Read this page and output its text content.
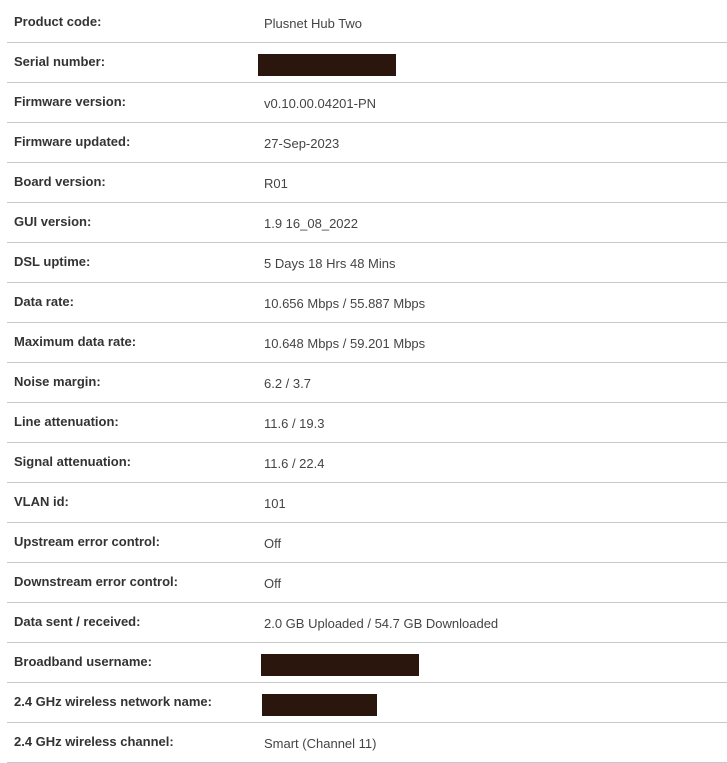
Product code:	Plusnet Hub Two
Serial number:
Firmware version:	v0.10.00.04201-PN
Firmware updated:	27-Sep-2023
Board version:	R01
GUI version:	1.9 16_08_2022
DSL uptime:	5 Days 18 Hrs 48 Mins
Data rate:	10.656 Mbps / 55.887 Mbps
Maximum data rate:	10.648 Mbps / 59.201 Mbps
Noise margin:	6.2 / 3.7
Line attenuation:	11.6 / 19.3
Signal attenuation:	11.6 / 22.4
VLAN id:	101
Upstream error control:	Off
Downstream error control:	Off
Data sent / received:	2.0 GB Uploaded / 54.7 GB Downloaded
Broadband username:
2.4 GHz wireless network name:
2.4 GHz wireless channel:	Smart (Channel 11)
